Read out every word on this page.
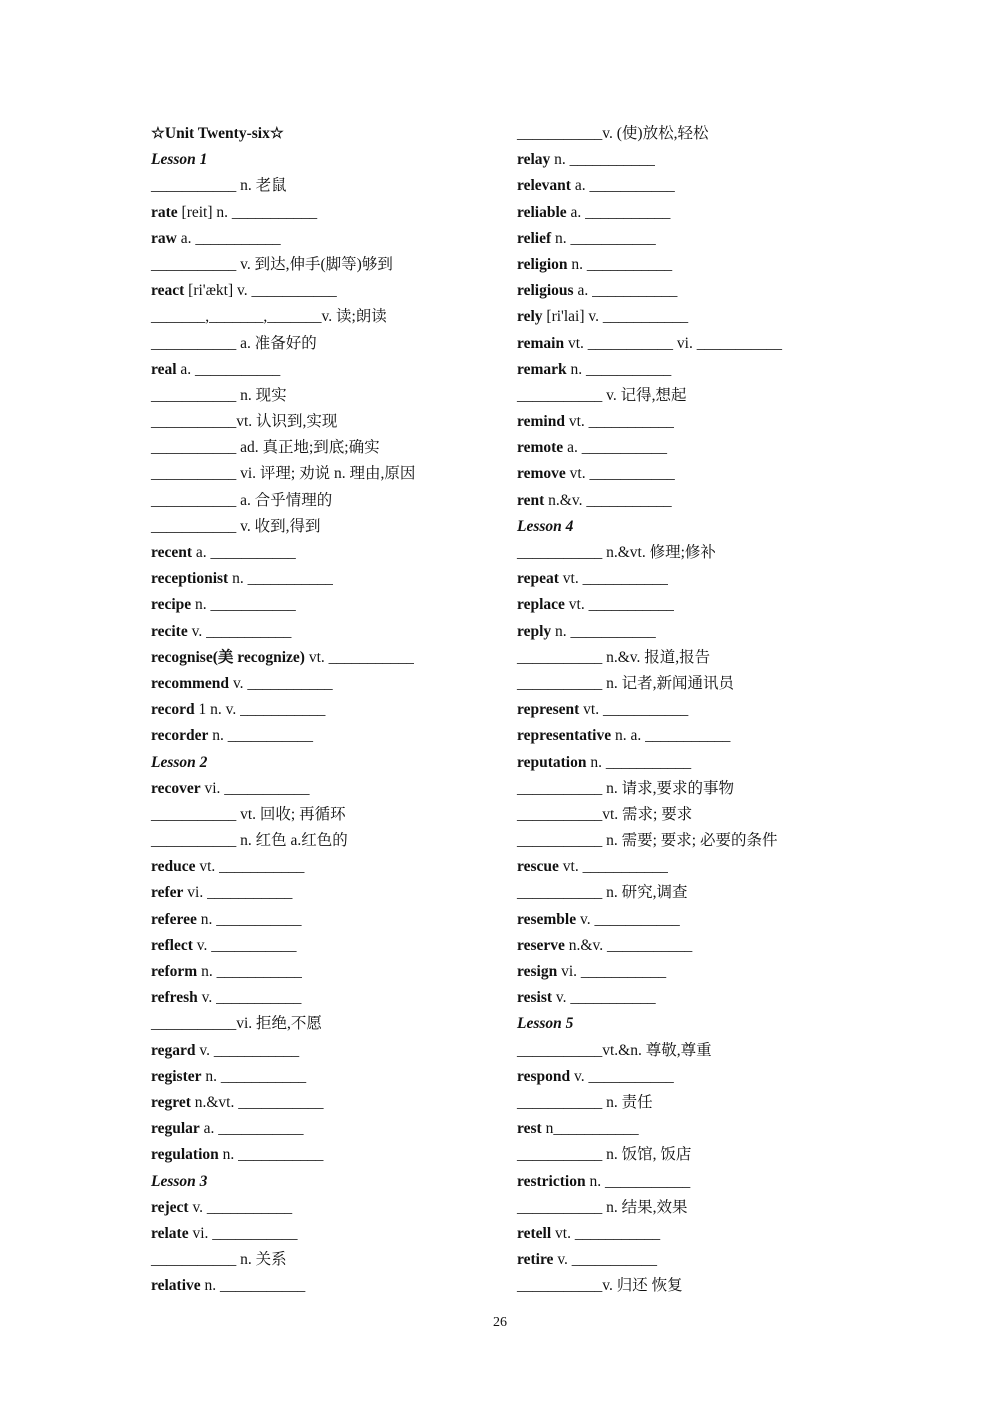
☆Unit Twenty-six☆
Lesson 1
___________ n. 老鼠
rate [reit] n. ___________
raw a. ___________
___________ v. 到达,伸手(脚等)够到
react [ri'ækt] v. ___________
_______,_______,_______v. 读;朗读
___________ a. 准备好的
real a. ___________
___________ n. 现实
___________vt. 认识到,实现
___________ ad. 真正地;到底;确实
___________ vi. 评理; 劝说 n. 理由,原因
___________ a. 合乎情理的
___________ v. 收到,得到
recent a. ___________
receptionist n. ___________
recipe n. ___________
recite v. ___________
recognise(美 recognize) vt. ___________
recommend v. ___________
record 1 n. v. ___________
recorder n. ___________
Lesson 2
recover vi. ___________
___________ vt. 回收; 再循环
___________ n. 红色 a.红色的
reduce vt. ___________
refer vi. ___________
referee n. ___________
reflect v. ___________
reform n. ___________
refresh v. ___________
___________vi. 拒绝,不愿
regard v. ___________
register n. ___________
regret n.&vt. ___________
regular a. ___________
regulation n. ___________
Lesson 3
reject v. ___________
relate vi. ___________
___________ n. 关系
relative n. ___________
___________v. (使)放松,轻松
relay n. ___________
relevant a. ___________
reliable a. ___________
relief n. ___________
religion n. ___________
religious a. ___________
rely [ri'lai] v. ___________
remain vt. ___________ vi. ___________
remark n. ___________
___________ v. 记得,想起
remind vt. ___________
remote a. ___________
remove vt. ___________
rent n.&v. ___________
Lesson 4
___________ n.&vt. 修理;修补
repeat vt. ___________
replace vt. ___________
reply n. ___________
___________ n.&v. 报道,报告
___________ n. 记者,新闻通讯员
represent vt. ___________
representative n. a. ___________
reputation n. ___________
___________ n. 请求,要求的事物
___________vt. 需求; 要求
___________ n. 需要; 要求; 必要的条件
rescue vt. ___________
___________ n. 研究,调查
resemble v. ___________
reserve n.&v. ___________
resign vi. ___________
resist v. ___________
Lesson 5
___________vt.&n. 尊敬,尊重
respond v. ___________
___________ n. 责任
rest n___________
___________ n. 饭馆, 饭店
restriction n. ___________
___________ n. 结果,效果
retell vt. ___________
retire v. ___________
___________v. 归还 恢复
26
